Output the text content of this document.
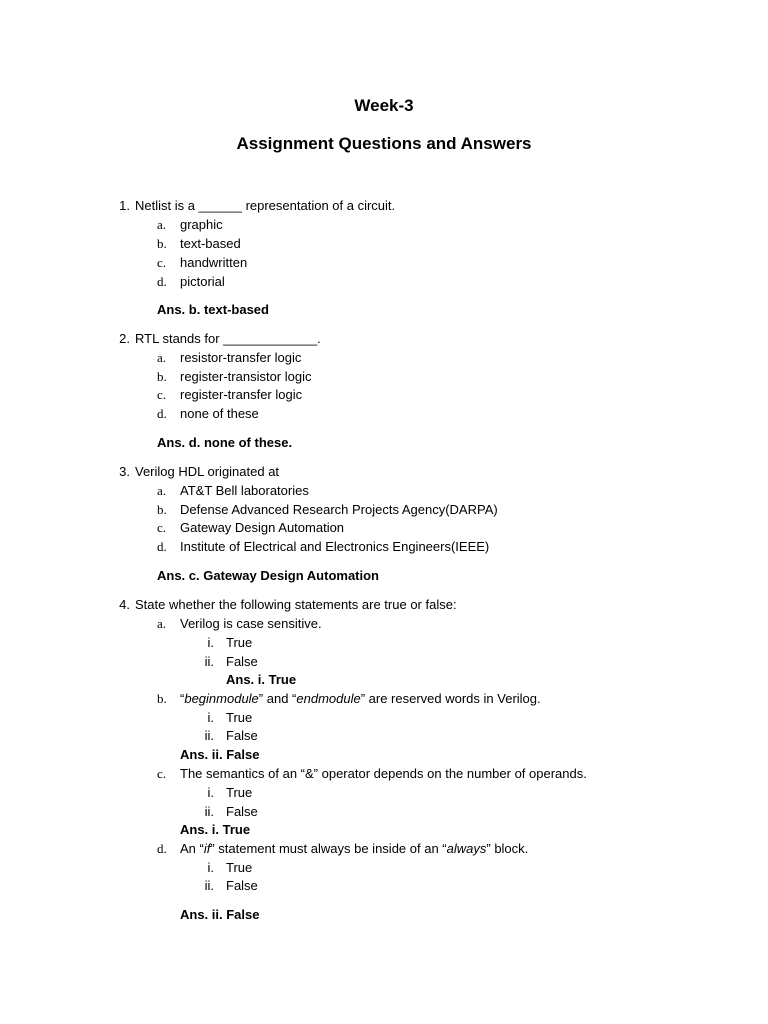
Week-3
Assignment Questions and Answers
1. Netlist is a ______ representation of a circuit.
a. graphic
b. text-based
c. handwritten
d. pictorial
Ans. b. text-based
2. RTL stands for _____________.
a. resistor-transfer logic
b. register-transistor logic
c. register-transfer logic
d. none of these
Ans. d. none of these.
3. Verilog HDL originated at
a. AT&T Bell laboratories
b. Defense Advanced Research Projects Agency(DARPA)
c. Gateway Design Automation
d. Institute of Electrical and Electronics Engineers(IEEE)
Ans. c. Gateway Design Automation
4. State whether the following statements are true or false:
a. Verilog is case sensitive.
i. True
ii. False
Ans. i. True
b. “beginmodule” and “endmodule” are reserved words in Verilog.
i. True
ii. False
Ans. ii. False
c. The semantics of an “&” operator depends on the number of operands.
i. True
ii. False
Ans. i. True
d. An “if” statement must always be inside of an “always” block.
i. True
ii. False
Ans. ii. False
